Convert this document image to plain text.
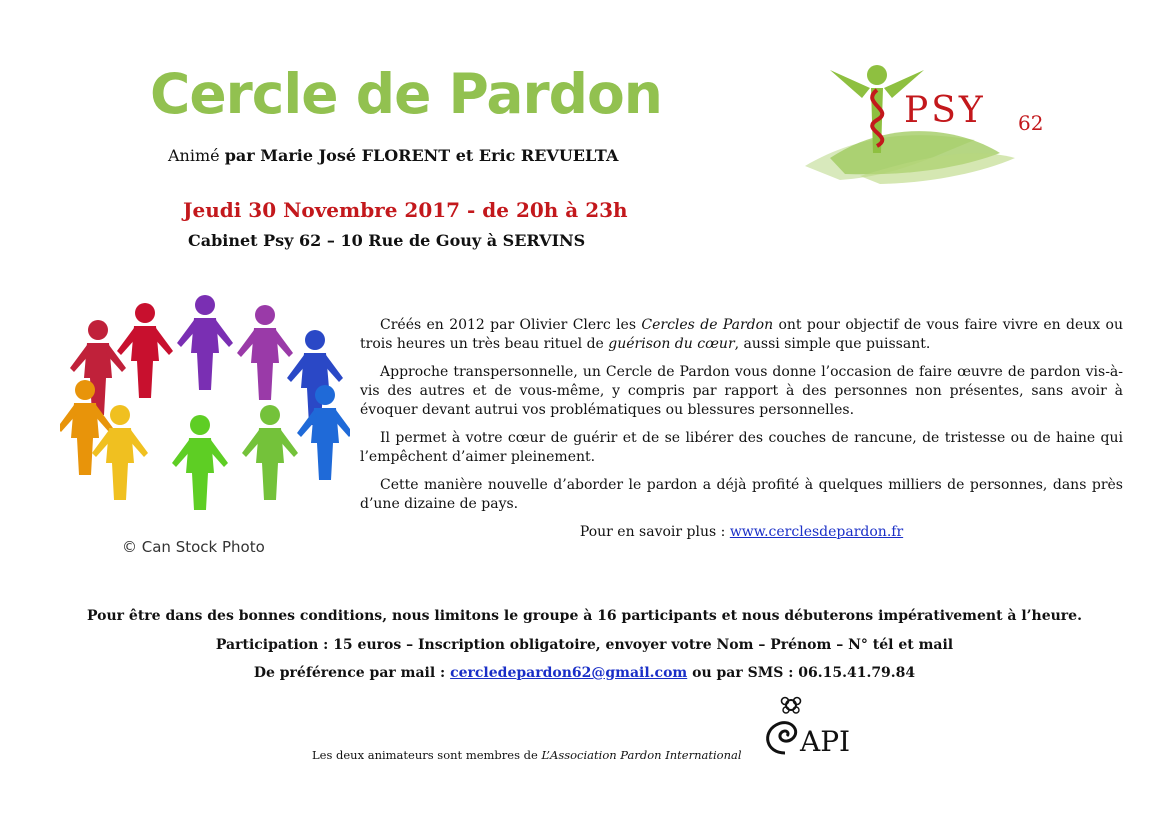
Cercle de Pardon
Animé par Marie José FLORENT et Eric REVUELTA
Jeudi 30 Novembre 2017 - de 20h à 23h
Cabinet Psy 62 – 10 Rue de Gouy à SERVINS
PSY 62
© Can Stock Photo

Créés en 2012 par Olivier Clerc les Cercles de Pardon ont pour objectif de vous faire vivre en deux ou trois heures un très beau rituel de guérison du cœur, aussi simple que puissant.

Approche transpersonnelle, un Cercle de Pardon vous donne l’occasion de faire œuvre de pardon vis-à-vis des autres et de vous-même, y compris par rapport à des personnes non présentes, sans avoir à évoquer devant autrui vos problématiques ou blessures personnelles.

Il permet à votre cœur de guérir et de se libérer des couches de rancune, de tristesse ou de haine qui l’empêchent d’aimer pleinement.

Cette manière nouvelle d’aborder le pardon a déjà profité à quelques milliers de personnes, dans près d’une dizaine de pays.

Pour en savoir plus : www.cerclesdepardon.fr

Pour être dans des bonnes conditions, nous limitons le groupe à 16 participants et nous débuterons impérativement à l’heure.
Participation : 15 euros – Inscription obligatoire, envoyer votre Nom – Prénom – N° tél et mail
De préférence par mail : cercledepardon62@gmail.com ou par SMS : 06.15.41.79.84
Les deux animateurs sont membres de L’Association Pardon International API
